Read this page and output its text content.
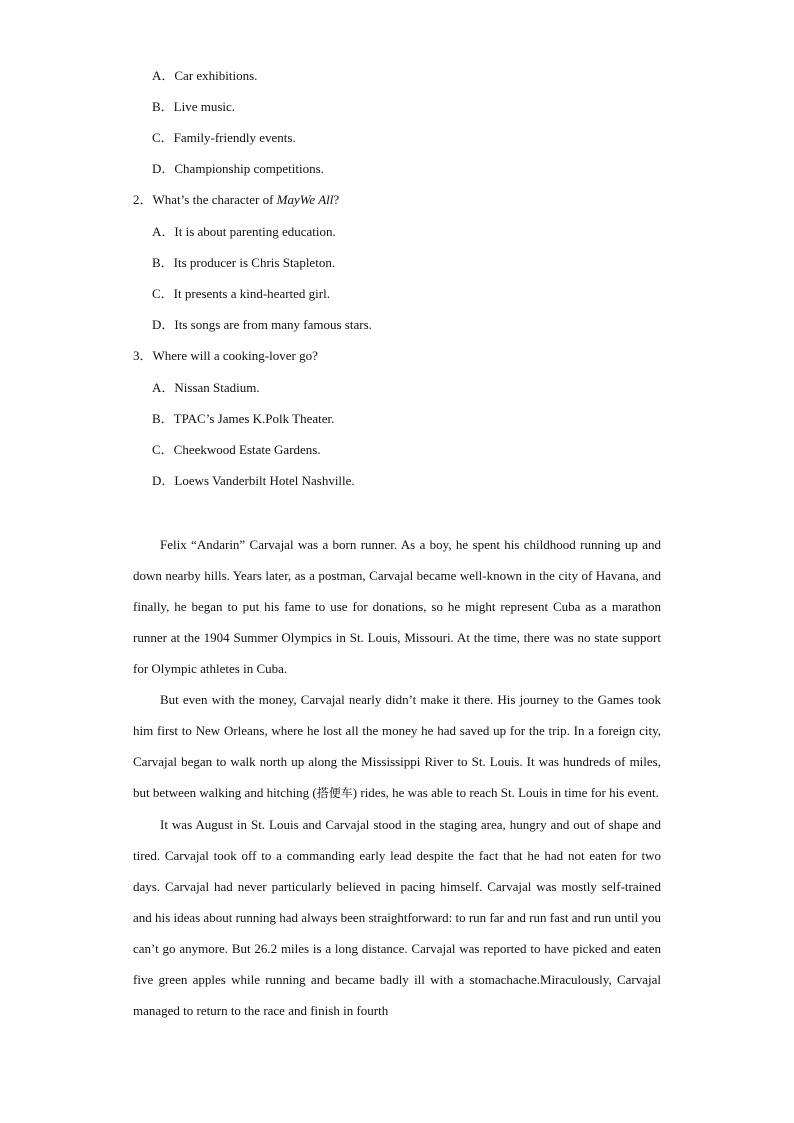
A．Car exhibitions.
B．Live music.
C．Family-friendly events.
D．Championship competitions.
2．What’s the character of MayWe All?
A．It is about parenting education.
B．Its producer is Chris Stapleton.
C．It presents a kind-hearted girl.
D．Its songs are from many famous stars.
3．Where will a cooking-lover go?
A．Nissan Stadium.
B．TPAC’s James K.Polk Theater.
C．Cheekwood Estate Gardens.
D．Loews Vanderbilt Hotel Nashville.

Felix “Andarin” Carvajal was a born runner. As a boy, he spent his childhood running up and down nearby hills. Years later, as a postman, Carvajal became well-known in the city of Havana, and finally, he began to put his fame to use for donations, so he might represent Cuba as a marathon runner at the 1904 Summer Olympics in St. Louis, Missouri. At the time, there was no state support for Olympic athletes in Cuba.

But even with the money, Carvajal nearly didn’t make it there. His journey to the Games took him first to New Orleans, where he lost all the money he had saved up for the trip. In a foreign city, Carvajal began to walk north up along the Mississippi River to St. Louis. It was hundreds of miles, but between walking and hitching (搭便车) rides, he was able to reach St. Louis in time for his event.

It was August in St. Louis and Carvajal stood in the staging area, hungry and out of shape and tired. Carvajal took off to a commanding early lead despite the fact that he had not eaten for two days. Carvajal had never particularly believed in pacing himself. Carvajal was mostly self-trained and his ideas about running had always been straightforward: to run far and run fast and run until you can’t go anymore. But 26.2 miles is a long distance. Carvajal was reported to have picked and eaten five green apples while running and became badly ill with a stomachache.Miraculously, Carvajal managed to return to the race and finish in fourth
